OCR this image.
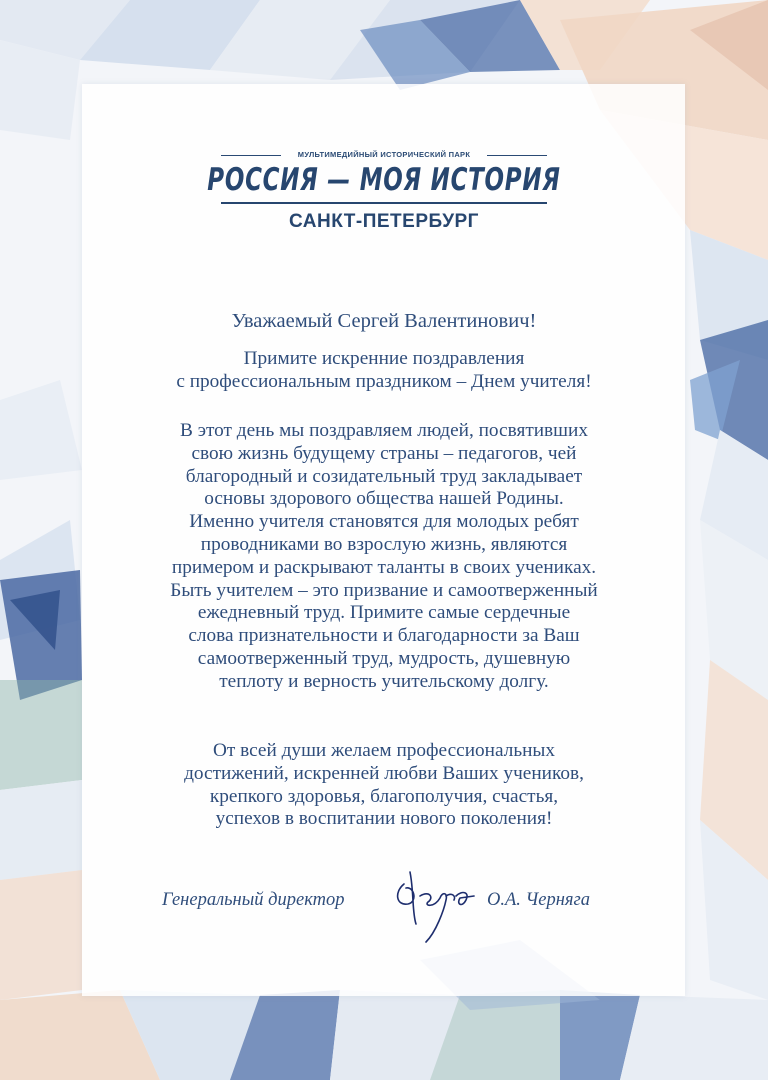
МУЛЬТИМЕДИЙНЫЙ ИСТОРИЧЕСКИЙ ПАРК
РОССИЯ — МОЯ ИСТОРИЯ
САНКТ-ПЕТЕРБУРГ
Уважаемый Сергей Валентинович!
Примите искренние поздравления
с профессиональным праздником – Днем учителя!
В этот день мы поздравляем людей, посвятивших
свою жизнь будущему страны – педагогов, чей
благородный и созидательный труд закладывает
основы здорового общества нашей Родины.
Именно учителя становятся для молодых ребят
проводниками во взрослую жизнь, являются
примером и раскрывают таланты в своих учениках.
Быть учителем – это призвание и самоотверженный
ежедневный труд. Примите самые сердечные
слова признательности и благодарности за Ваш
самоотверженный труд, мудрость, душевную
теплоту и верность учительскому долгу.
От всей души желаем профессиональных
достижений, искренней любви Ваших учеников,
крепкого здоровья, благополучия, счастья,
успехов в воспитании нового поколения!
Генеральный директор	О.А. Черняга
